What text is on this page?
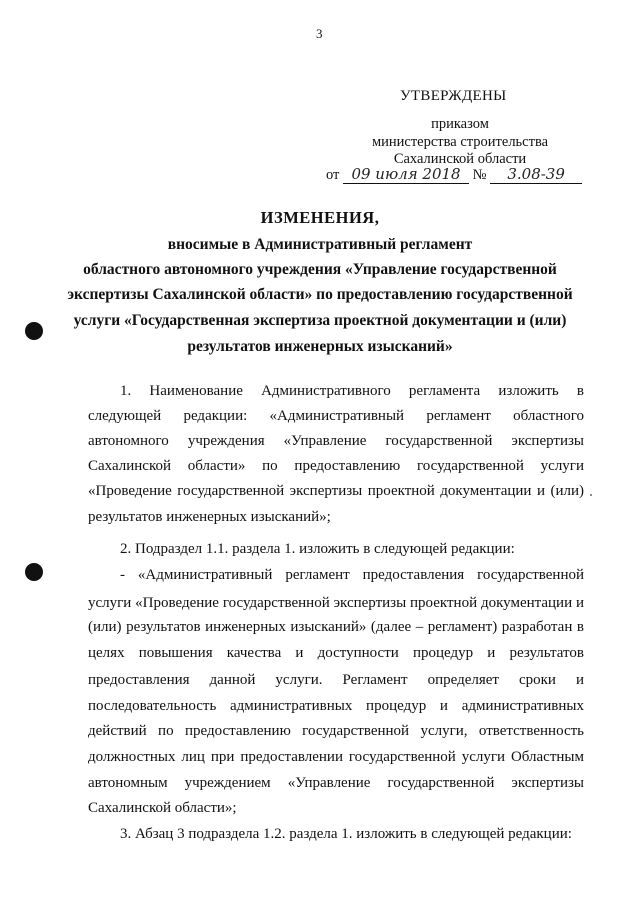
3
УТВЕРЖДЕНЫ
приказом
министерства строительства
Сахалинской области
от 09 июля 2018 № 3.08-39
ИЗМЕНЕНИЯ,
вносимые в Административный регламент
областного автономного учреждения «Управление государственной
экспертизы Сахалинской области» по предоставлению государственной
услуги «Государственная экспертиза проектной документации и (или)
результатов инженерных изысканий»
1. Наименование Административного регламента изложить в
следующей редакции: «Административный регламент областного
автономного учреждения «Управление государственной экспертизы
Сахалинской области» по предоставлению государственной услуги
«Проведение государственной экспертизы проектной документации и (или)
результатов инженерных изысканий»;
2. Подраздел 1.1. раздела 1. изложить в следующей редакции:
- «Административный регламент предоставления государственной
услуги «Проведение государственной экспертизы проектной документации и
(или) результатов инженерных изысканий» (далее – регламент) разработан в
целях повышения качества и доступности процедур и результатов
предоставления данной услуги. Регламент определяет сроки и
последовательность административных процедур и административных
действий по предоставлению государственной услуги, ответственность
должностных лиц при предоставлении государственной услуги Областным
автономным учреждением «Управление государственной экспертизы
Сахалинской области»;
3. Абзац 3 подраздела 1.2. раздела 1. изложить в следующей редакции:
